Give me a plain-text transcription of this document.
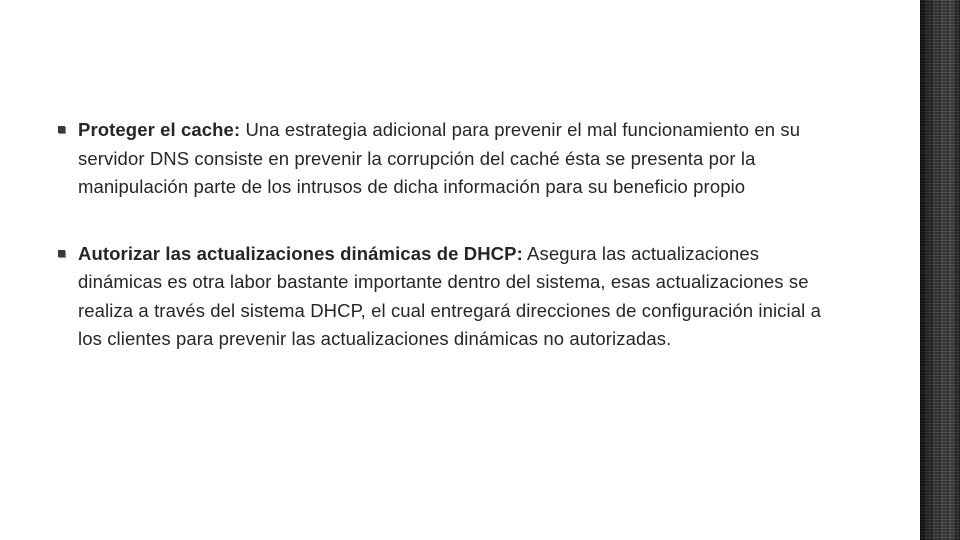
Proteger el cache: Una estrategia adicional para prevenir el mal funcionamiento en su servidor DNS consiste en prevenir la corrupción del caché ésta se presenta por la manipulación parte de los intrusos de dicha información para su beneficio propio
Autorizar las actualizaciones dinámicas de DHCP: Asegura las actualizaciones dinámicas es otra labor bastante importante dentro del sistema, esas actualizaciones se realiza a través del sistema DHCP, el cual entregará direcciones de configuración inicial a los clientes para prevenir las actualizaciones dinámicas no autorizadas.
